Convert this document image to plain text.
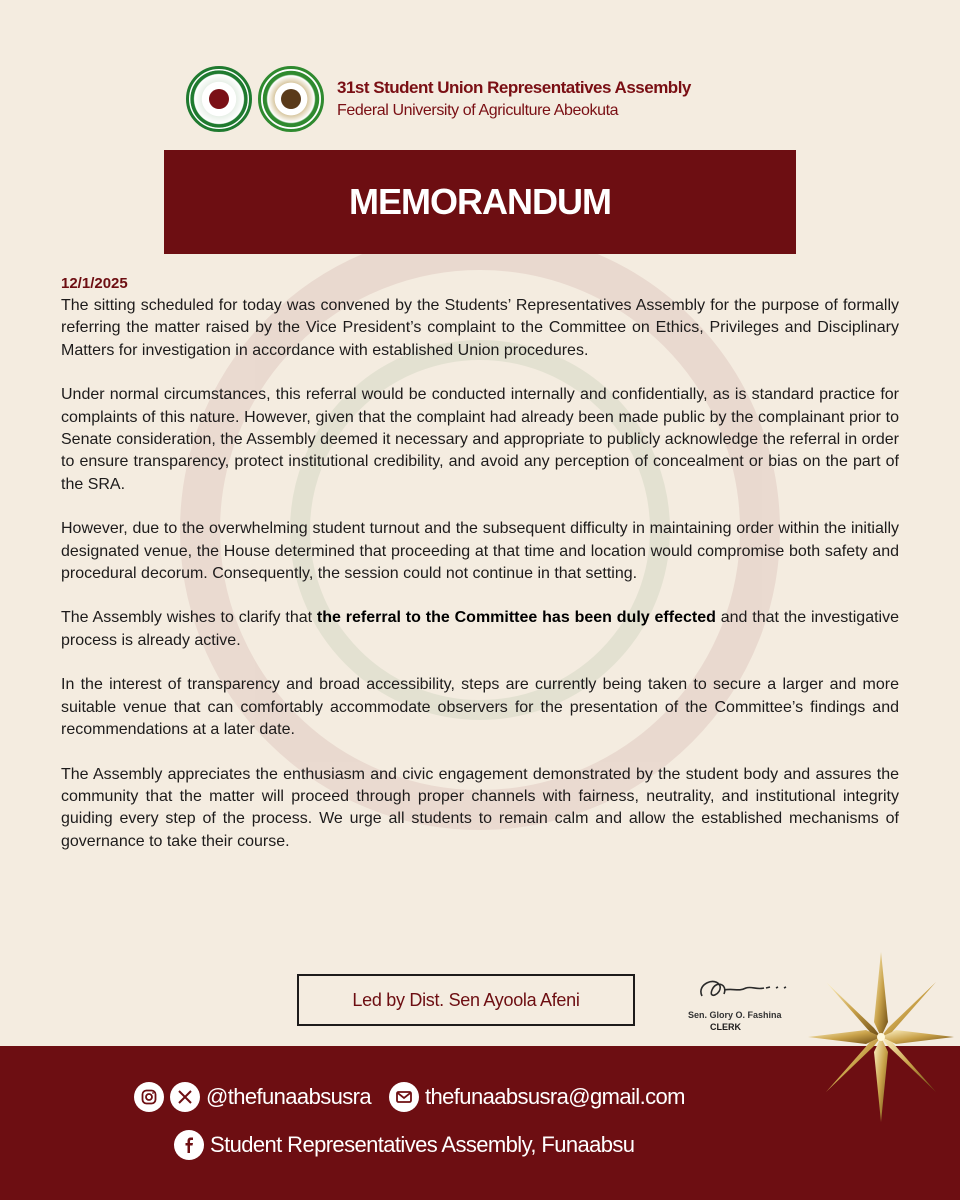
31st Student Union Representatives Assembly
Federal University of Agriculture Abeokuta
MEMORANDUM
12/1/2025

The sitting scheduled for today was convened by the Students’ Representatives Assembly for the purpose of formally referring the matter raised by the Vice President’s complaint to the Committee on Ethics, Privileges and Disciplinary Matters for investigation in accordance with established Union procedures.

Under normal circumstances, this referral would be conducted internally and confidentially, as is standard practice for complaints of this nature. However, given that the complaint had already been made public by the complainant prior to Senate consideration, the Assembly deemed it necessary and appropriate to publicly acknowledge the referral in order to ensure transparency, protect institutional credibility, and avoid any perception of concealment or bias on the part of the SRA.

However, due to the overwhelming student turnout and the subsequent difficulty in maintaining order within the initially designated venue, the House determined that proceeding at that time and location would compromise both safety and procedural decorum. Consequently, the session could not continue in that setting.

The Assembly wishes to clarify that the referral to the Committee has been duly effected and that the investigative process is already active.

In the interest of transparency and broad accessibility, steps are currently being taken to secure a larger and more suitable venue that can comfortably accommodate observers for the presentation of the Committee’s findings and recommendations at a later date.

The Assembly appreciates the enthusiasm and civic engagement demonstrated by the student body and assures the community that the matter will proceed through proper channels with fairness, neutrality, and institutional integrity guiding every step of the process. We urge all students to remain calm and allow the established mechanisms of governance to take their course.

Led by Dist. Sen Ayoola Afeni
Sen. Glory O. Fashina
CLERK
@thefunaabsusra thefunaabsusra@gmail.com
Student Representatives Assembly, Funaabsu
